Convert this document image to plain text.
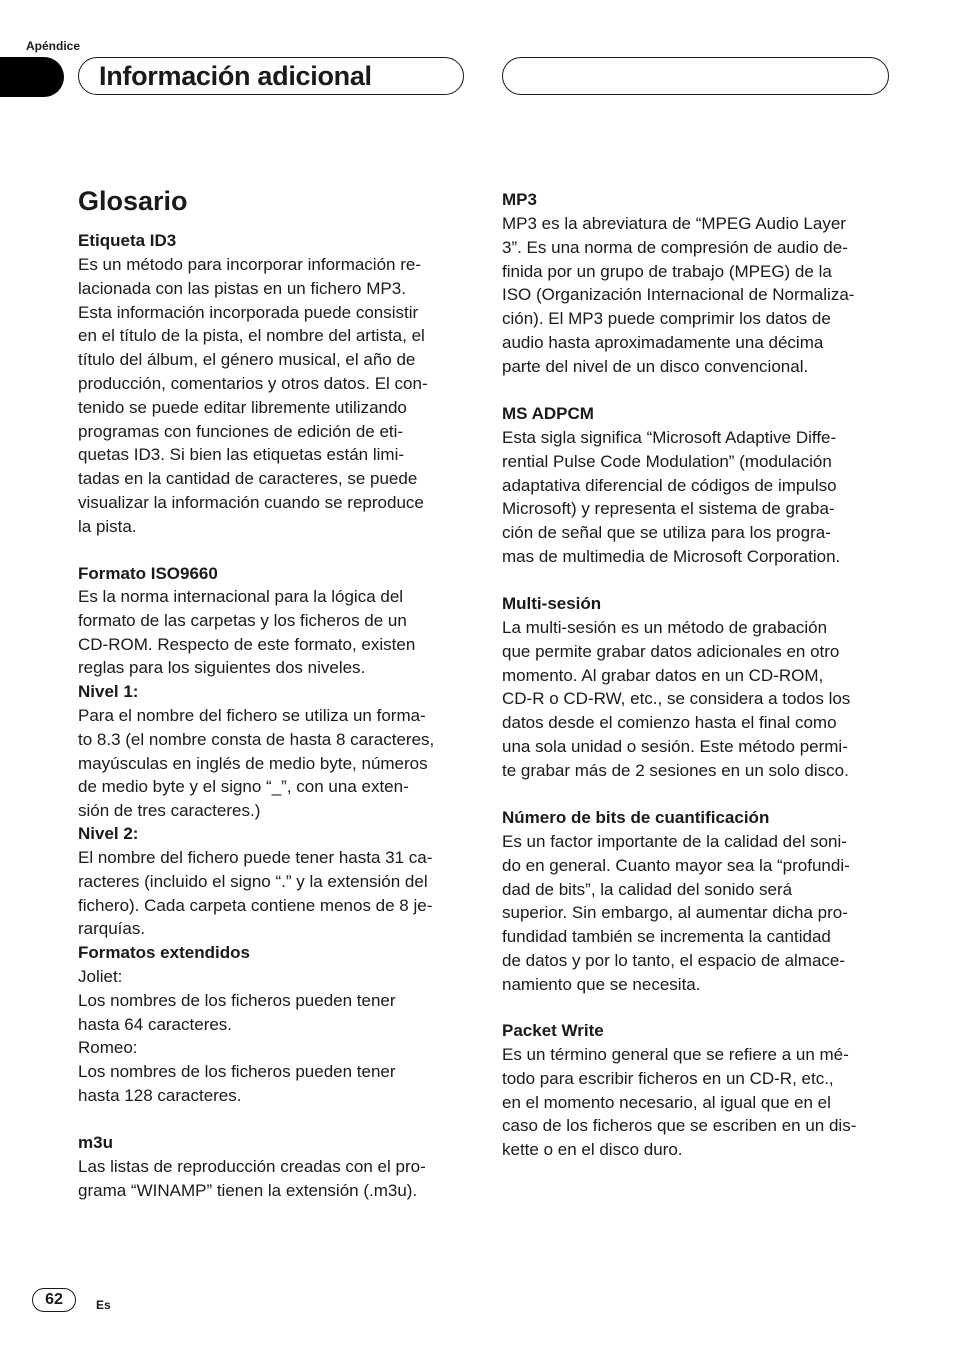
Apéndice
Información adicional
Glosario
Etiqueta ID3
Es un método para incorporar información re-
lacionada con las pistas en un fichero MP3.
Esta información incorporada puede consistir
en el título de la pista, el nombre del artista, el
título del álbum, el género musical, el año de
producción, comentarios y otros datos. El con-
tenido se puede editar libremente utilizando
programas con funciones de edición de eti-
quetas ID3. Si bien las etiquetas están limi-
tadas en la cantidad de caracteres, se puede
visualizar la información cuando se reproduce
la pista.
Formato ISO9660
Es la norma internacional para la lógica del
formato de las carpetas y los ficheros de un
CD-ROM. Respecto de este formato, existen
reglas para los siguientes dos niveles.
Nivel 1:
Para el nombre del fichero se utiliza un forma-
to 8.3 (el nombre consta de hasta 8 caracteres,
mayúsculas en inglés de medio byte, números
de medio byte y el signo “_”, con una exten-
sión de tres caracteres.)
Nivel 2:
El nombre del fichero puede tener hasta 31 ca-
racteres (incluido el signo “.” y la extensión del
fichero). Cada carpeta contiene menos de 8 je-
rarquías.
Formatos extendidos
Joliet:
Los nombres de los ficheros pueden tener
hasta 64 caracteres.
Romeo:
Los nombres de los ficheros pueden tener
hasta 128 caracteres.
m3u
Las listas de reproducción creadas con el pro-
grama “WINAMP” tienen la extensión (.m3u).
MP3
MP3 es la abreviatura de “MPEG Audio Layer
3”. Es una norma de compresión de audio de-
finida por un grupo de trabajo (MPEG) de la
ISO (Organización Internacional de Normaliza-
ción). El MP3 puede comprimir los datos de
audio hasta aproximadamente una décima
parte del nivel de un disco convencional.
MS ADPCM
Esta sigla significa “Microsoft Adaptive Diffe-
rential Pulse Code Modulation” (modulación
adaptativa diferencial de códigos de impulso
Microsoft) y representa el sistema de graba-
ción de señal que se utiliza para los progra-
mas de multimedia de Microsoft Corporation.
Multi-sesión
La multi-sesión es un método de grabación
que permite grabar datos adicionales en otro
momento. Al grabar datos en un CD-ROM,
CD-R o CD-RW, etc., se considera a todos los
datos desde el comienzo hasta el final como
una sola unidad o sesión. Este método permi-
te grabar más de 2 sesiones en un solo disco.
Número de bits de cuantificación
Es un factor importante de la calidad del soni-
do en general. Cuanto mayor sea la “profundi-
dad de bits”, la calidad del sonido será
superior. Sin embargo, al aumentar dicha pro-
fundidad también se incrementa la cantidad
de datos y por lo tanto, el espacio de almace-
namiento que se necesita.
Packet Write
Es un término general que se refiere a un mé-
todo para escribir ficheros en un CD-R, etc.,
en el momento necesario, al igual que en el
caso de los ficheros que se escriben en un dis-
kette o en el disco duro.
62	Es
